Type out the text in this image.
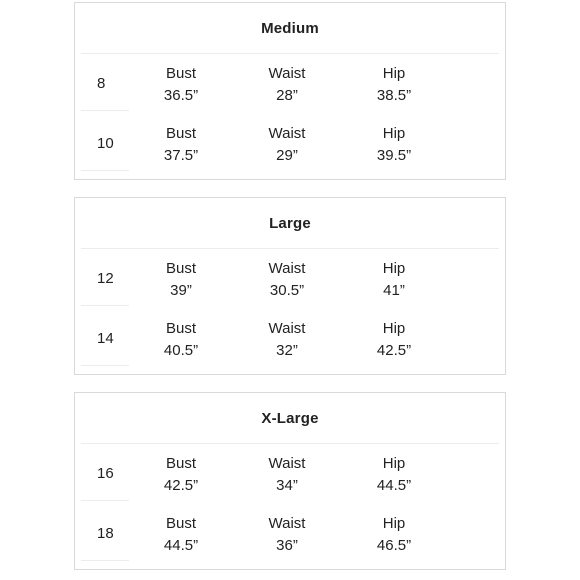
Medium
8
Bust
36.5”
Waist
28”
Hip
38.5”
10
Bust
37.5”
Waist
29”
Hip
39.5”
Large
12
Bust
39”
Waist
30.5”
Hip
41”
14
Bust
40.5”
Waist
32”
Hip
42.5”
X-Large
16
Bust
42.5”
Waist
34”
Hip
44.5”
18
Bust
44.5”
Waist
36”
Hip
46.5”
